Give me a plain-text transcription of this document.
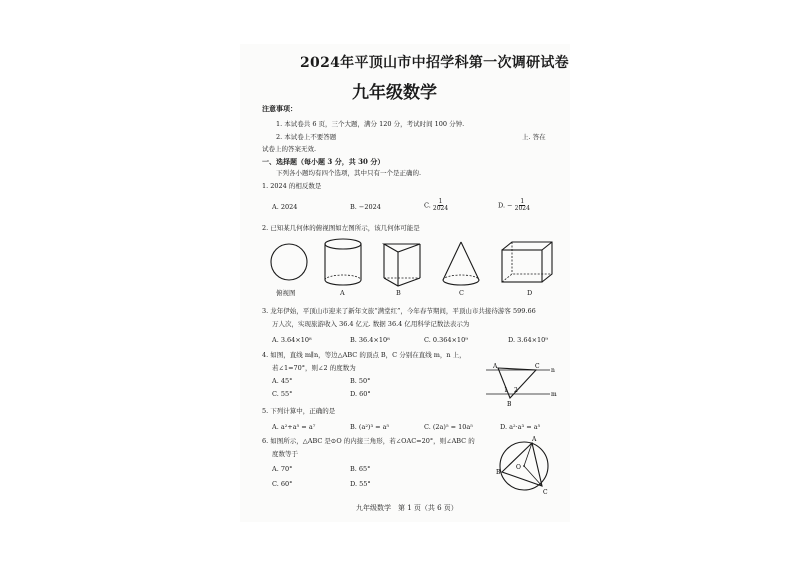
2024年平顶山市中招学科第一次调研试卷
九年级数学
注意事项：
1. 本试卷共 6 页，三个大题，满分 120 分，考试时间 100 分钟.
2. 本试卷上不要答题	上. 答在
试卷上的答案无效.
一、选择题（每小题 3 分，共 30 分）
下列各小题均有四个选项，其中只有一个是正确的.
1. 2024 的相反数是
A. 2024	B. −2024	C. $\frac{1}{2024}$	D. − $\frac{1}{2024}$
2. 已知某几何体的俯视图如左图所示，该几何体可能是
俯视图	A	B	C	D
3. 龙年伊始，平顶山市迎来了新年文旅“满堂红”，今年春节期间，平顶山市共接待游客 599.66
万人次，实现旅游收入 36.4 亿元. 数据 36.4 亿用科学记数法表示为
A. 3.64×10⁸	B. 36.4×10⁸	C. 0.364×10⁹	D. 3.64×10⁹
4. 如图，直线 m∥n，等边△ABC 的顶点 B，C 分别在直线 m，n 上，
若∠1=70°，则∠2 的度数为
A. 45°	B. 50°
C. 55°	D. 60°
A	C
n
B
m
1 2
5. 下列计算中，正确的是
A. a²+a⁵ = a⁷	B. (a²)³ = a⁵	C. (2a)⁵ = 10a⁵	D. a²·a³ = a⁵
6. 如图所示，△ABC 是⊙O 的内接三角形，若∠OAC=20°，则∠ABC 的
度数等于
A. 70°	B. 65°
C. 60°	D. 55°
A
O
B
C
九年级数学　第 1 页（共 6 页）
